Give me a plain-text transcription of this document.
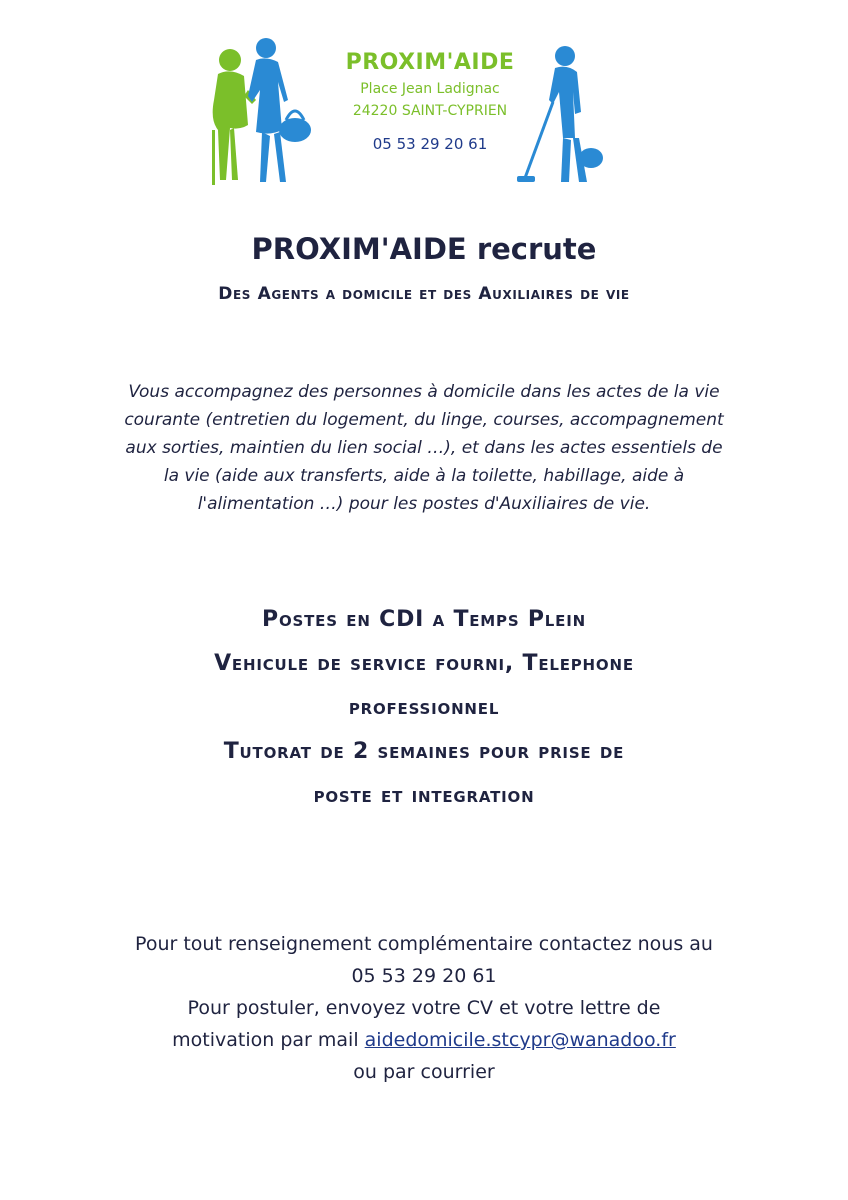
PROXIM'AIDE
Place Jean Ladignac
24220 SAINT-CYPRIEN
05 53 29 20 61
PROXIM'AIDE recrute
Des Agents a domicile et des Auxiliaires de vie
Vous accompagnez des personnes à domicile dans les actes de la vie
courante (entretien du logement, du linge, courses, accompagnement
aux sorties, maintien du lien social …), et dans les actes essentiels de
la vie (aide aux transferts, aide à la toilette, habillage, aide à
l'alimentation …) pour les postes d'Auxiliaires de vie.
Postes en CDI a Temps Plein
Vehicule de service fourni, Telephone
professionnel
Tutorat de 2 semaines pour prise de
poste et integration
Pour tout renseignement complémentaire contactez nous au
05 53 29 20 61
Pour postuler, envoyez votre CV et votre lettre de
motivation par mail aidedomicile.stcypr@wanadoo.fr
ou par courrier
